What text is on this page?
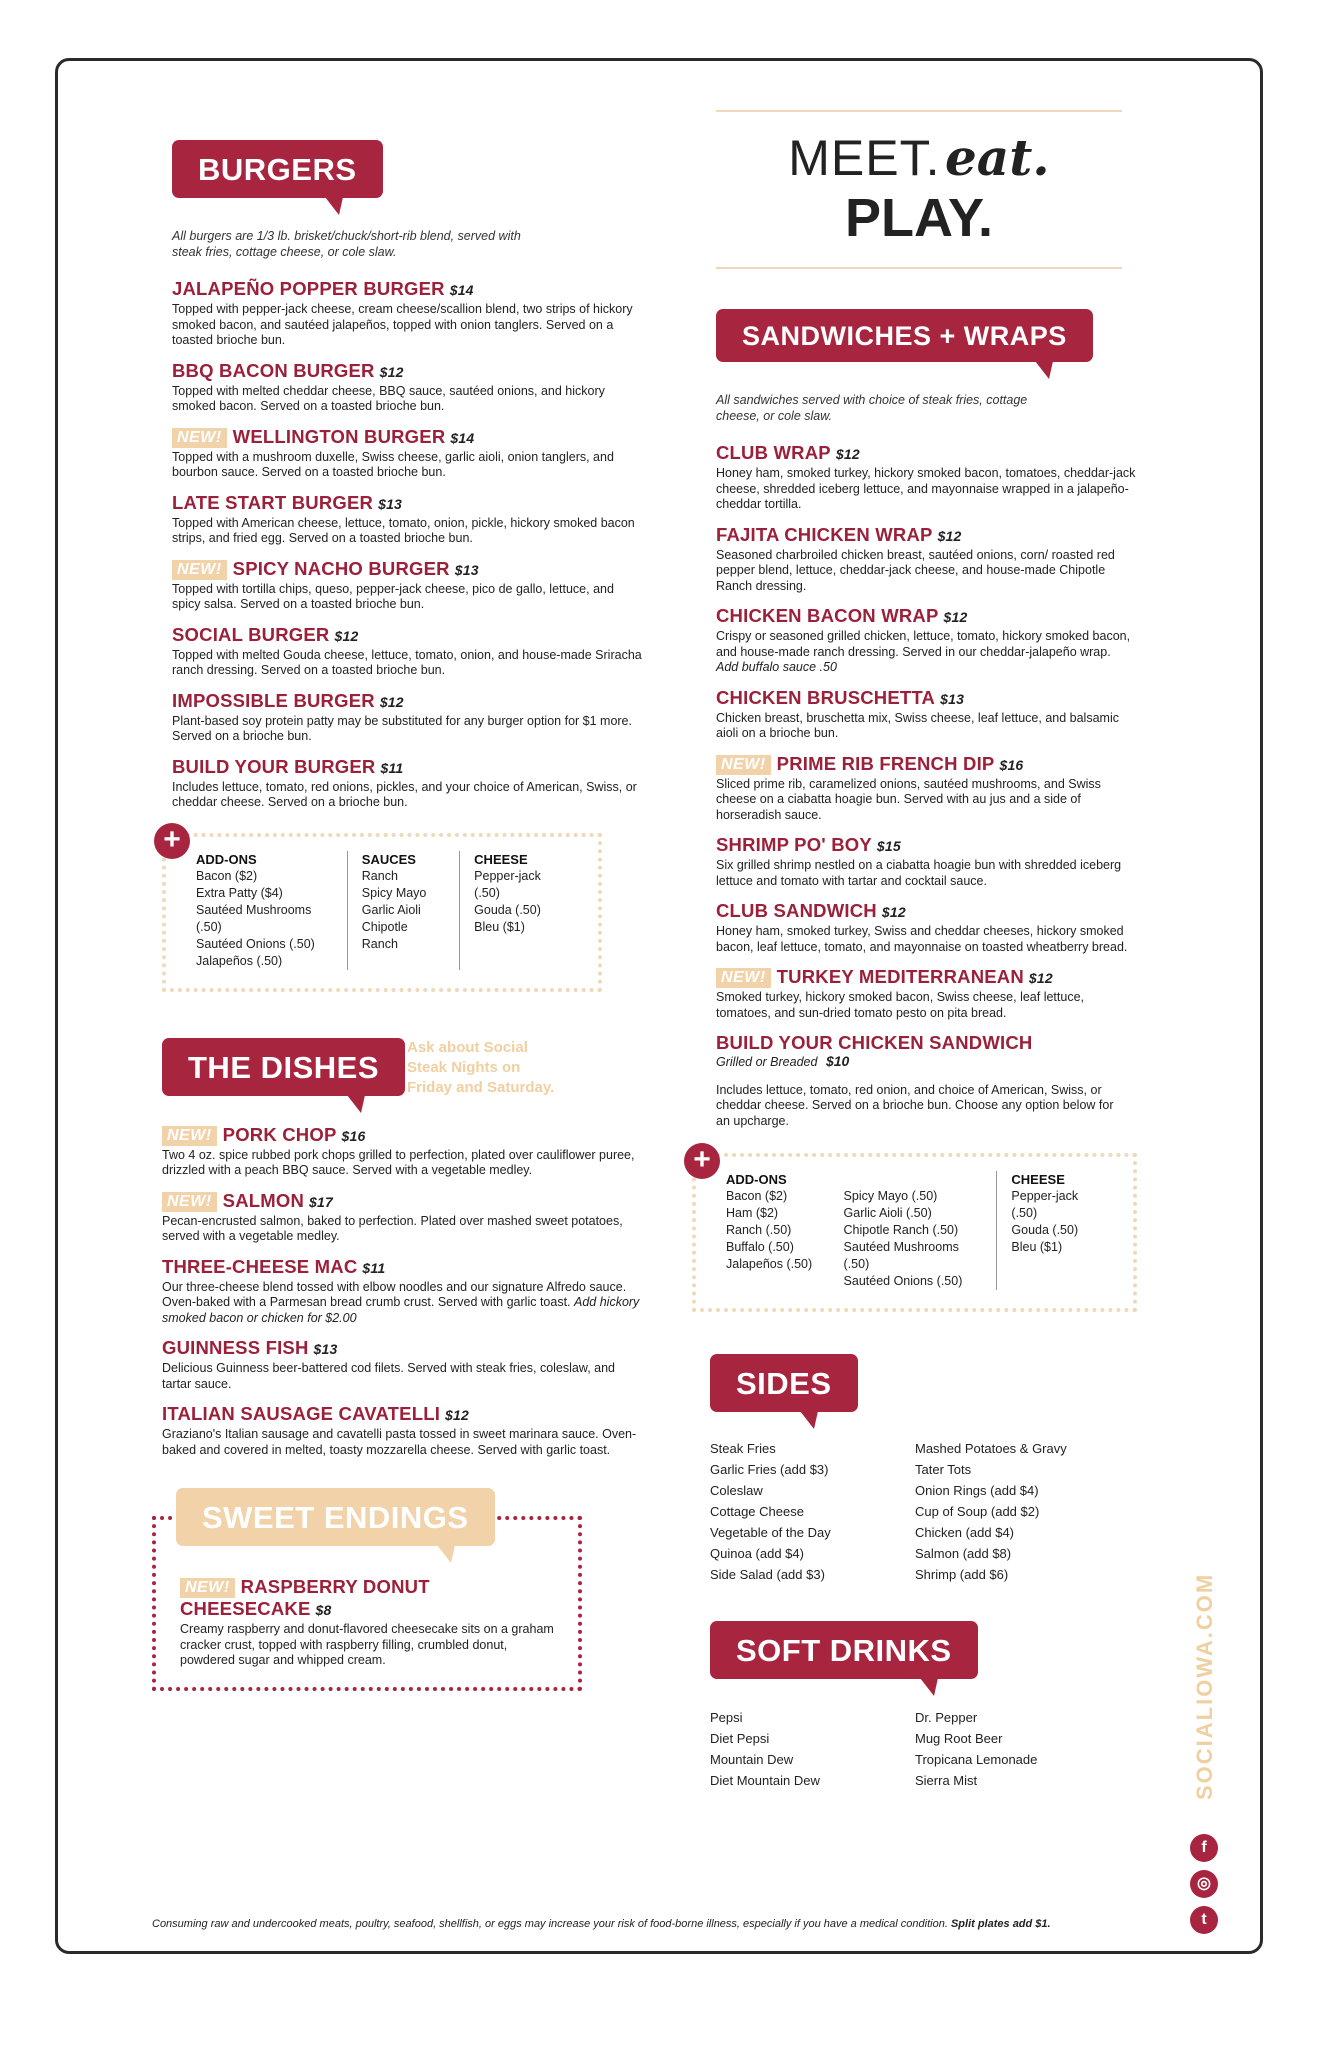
BURGERS

All burgers are 1/3 lb. brisket/chuck/short-rib blend, served with steak fries, cottage cheese, or cole slaw.

JALAPEÑO POPPER BURGER $14
Topped with pepper-jack cheese, cream cheese/scallion blend, two strips of hickory smoked bacon, and sautéed jalapeños, topped with onion tanglers. Served on a toasted brioche bun.
BBQ BACON BURGER $12
Topped with melted cheddar cheese, BBQ sauce, sautéed onions, and hickory smoked bacon. Served on a toasted brioche bun.
NEW! WELLINGTON BURGER $14
Topped with a mushroom duxelle, Swiss cheese, garlic aioli, onion tanglers, and bourbon sauce. Served on a toasted brioche bun.
LATE START BURGER $13
Topped with American cheese, lettuce, tomato, onion, pickle, hickory smoked bacon strips, and fried egg. Served on a toasted brioche bun.
NEW! SPICY NACHO BURGER $13
Topped with tortilla chips, queso, pepper-jack cheese, pico de gallo, lettuce, and spicy salsa. Served on a toasted brioche bun.
SOCIAL BURGER $12
Topped with melted Gouda cheese, lettuce, tomato, onion, and house-made Sriracha ranch dressing. Served on a toasted brioche bun.
IMPOSSIBLE BURGER $12
Plant-based soy protein patty may be substituted for any burger option for $1 more. Served on a brioche bun.
BUILD YOUR BURGER $11
Includes lettuce, tomato, red onions, pickles, and your choice of American, Swiss, or cheddar cheese. Served on a brioche bun.
+
ADD-ONS
Bacon ($2)
Extra Patty ($4)
Sautéed Mushrooms (.50)
Sautéed Onions (.50)
Jalapeños (.50)
SAUCES
Ranch
Spicy Mayo
Garlic Aioli
Chipotle Ranch
CHEESE
Pepper-jack (.50)
Gouda (.50)
Bleu ($1)
THE DISHES
Ask about Social Steak Nights on Friday and Saturday.
NEW! PORK CHOP $16
Two 4 oz. spice rubbed pork chops grilled to perfection, plated over cauliflower puree, drizzled with a peach BBQ sauce. Served with a vegetable medley.
NEW! SALMON $17
Pecan-encrusted salmon, baked to perfection. Plated over mashed sweet potatoes, served with a vegetable medley.
THREE-CHEESE MAC $11
Our three-cheese blend tossed with elbow noodles and our signature Alfredo sauce. Oven-baked with a Parmesan bread crumb crust. Served with garlic toast. Add hickory smoked bacon or chicken for $2.00
GUINNESS FISH $13
Delicious Guinness beer-battered cod filets. Served with steak fries, coleslaw, and tartar sauce.
ITALIAN SAUSAGE CAVATELLI $12
Graziano's Italian sausage and cavatelli pasta tossed in sweet marinara sauce. Oven-baked and covered in melted, toasty mozzarella cheese. Served with garlic toast.
SWEET ENDINGS
NEW! RASPBERRY DONUT CHEESECAKE $8
Creamy raspberry and donut-flavored cheesecake sits on a graham cracker crust, topped with raspberry filling, crumbled donut, powdered sugar and whipped cream.
MEET. eat. PLAY.
SANDWICHES + WRAPS

All sandwiches served with choice of steak fries, cottage cheese, or cole slaw.

CLUB WRAP $12
Honey ham, smoked turkey, hickory smoked bacon, tomatoes, cheddar-jack cheese, shredded iceberg lettuce, and mayonnaise wrapped in a jalapeño-cheddar tortilla.
FAJITA CHICKEN WRAP $12
Seasoned charbroiled chicken breast, sautéed onions, corn/ roasted red pepper blend, lettuce, cheddar-jack cheese, and house-made Chipotle Ranch dressing.
CHICKEN BACON WRAP $12
Crispy or seasoned grilled chicken, lettuce, tomato, hickory smoked bacon, and house-made ranch dressing. Served in our cheddar-jalapeño wrap. Add buffalo sauce .50
CHICKEN BRUSCHETTA $13
Chicken breast, bruschetta mix, Swiss cheese, leaf lettuce, and balsamic aioli on a brioche bun.
NEW! PRIME RIB FRENCH DIP $16
Sliced prime rib, caramelized onions, sautéed mushrooms, and Swiss cheese on a ciabatta hoagie bun. Served with au jus and a side of horseradish sauce.
SHRIMP PO' BOY $15
Six grilled shrimp nestled on a ciabatta hoagie bun with shredded iceberg lettuce and tomato with tartar and cocktail sauce.
CLUB SANDWICH $12
Honey ham, smoked turkey, Swiss and cheddar cheeses, hickory smoked bacon, leaf lettuce, tomato, and mayonnaise on toasted wheatberry bread.
NEW! TURKEY MEDITERRANEAN $12
Smoked turkey, hickory smoked bacon, Swiss cheese, leaf lettuce, tomatoes, and sun-dried tomato pesto on pita bread.
BUILD YOUR CHICKEN SANDWICH
Grilled or Breaded $10
Includes lettuce, tomato, red onion, and choice of American, Swiss, or cheddar cheese. Served on a brioche bun. Choose any option below for an upcharge.
+
ADD-ONS
Bacon ($2)
Ham ($2)
Ranch (.50)
Buffalo (.50)
Jalapeños (.50)
Spicy Mayo (.50)
Garlic Aioli (.50)
Chipotle Ranch (.50)
Sautéed Mushrooms (.50)
Sautéed Onions (.50)
CHEESE
Pepper-jack (.50)
Gouda (.50)
Bleu ($1)
SIDES
Steak Fries
Garlic Fries (add $3)
Coleslaw
Cottage Cheese
Vegetable of the Day
Quinoa (add $4)
Side Salad (add $3)
Mashed Potatoes & Gravy
Tater Tots
Onion Rings (add $4)
Cup of Soup (add $2)
Chicken (add $4)
Salmon (add $8)
Shrimp (add $6)
SOFT DRINKS
Pepsi
Diet Pepsi
Mountain Dew
Diet Mountain Dew
Dr. Pepper
Mug Root Beer
Tropicana Lemonade
Sierra Mist	SOCIALIOWA.COM
f
◎
t
Consuming raw and undercooked meats, poultry, seafood, shellfish, or eggs may increase your risk of food-borne illness, especially if you have a medical condition. Split plates add $1.
